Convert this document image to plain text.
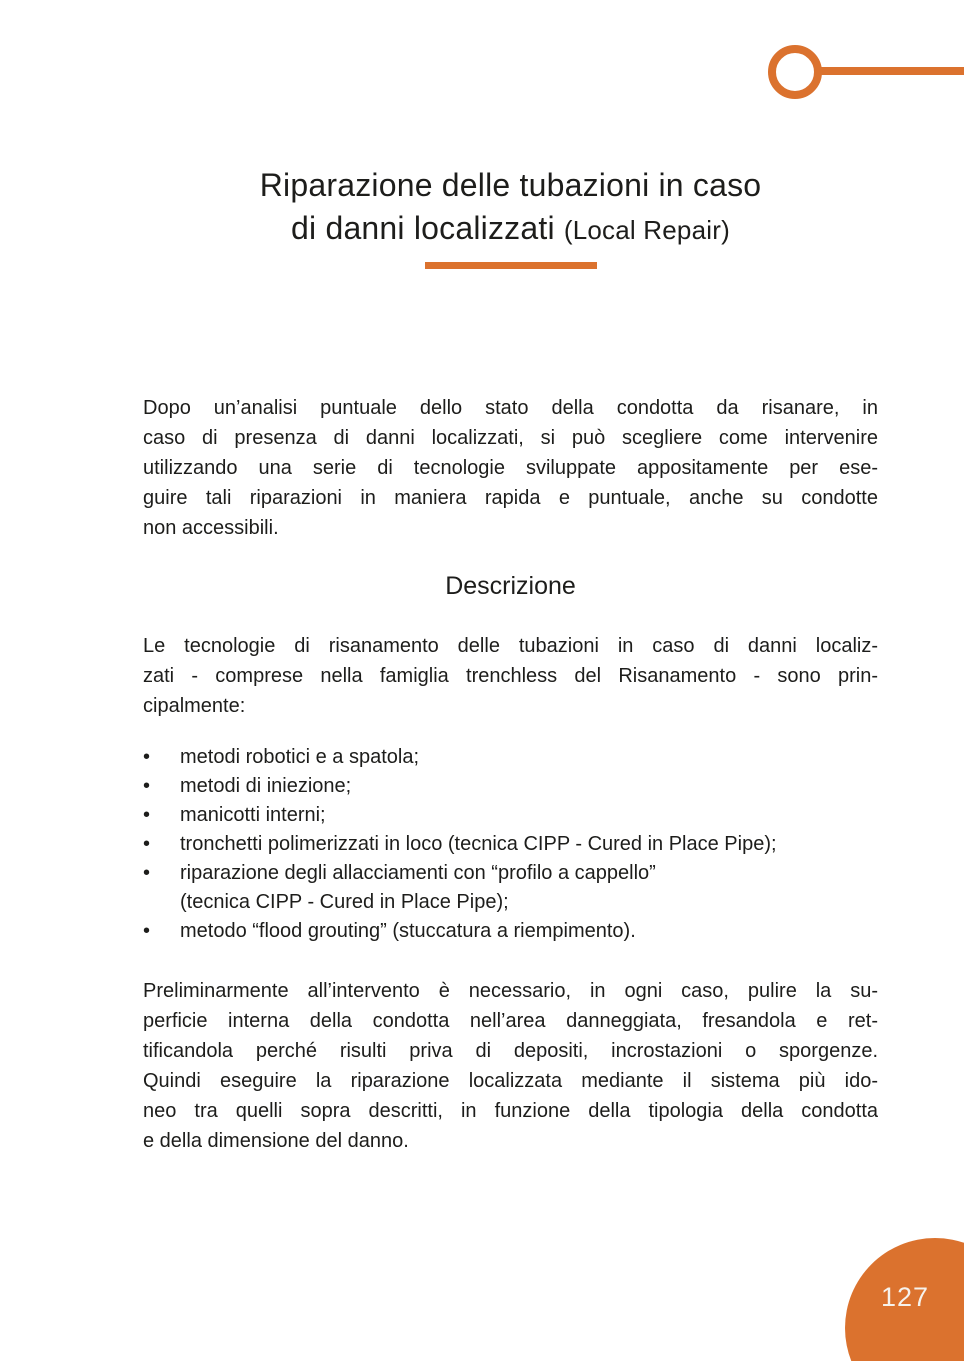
Riparazione delle tubazioni in caso
di danni localizzati (Local Repair)
Dopo un’analisi puntuale dello stato della condotta da risanare, in
caso di presenza di danni localizzati, si può scegliere come intervenire
utilizzando una serie di tecnologie sviluppate appositamente per ese-
guire tali riparazioni in maniera rapida e puntuale, anche su condotte
non accessibili.
Descrizione
Le tecnologie di risanamento delle tubazioni in caso di danni localiz-
zati - comprese nella famiglia trenchless del Risanamento - sono prin-
cipalmente:
•	metodi robotici e a spatola;
•	metodi di iniezione;
•	manicotti interni;
•	tronchetti polimerizzati in loco (tecnica CIPP - Cured in Place Pipe);
•	riparazione degli allacciamenti con “profilo a cappello”
(tecnica CIPP - Cured in Place Pipe);
•	metodo “flood grouting” (stuccatura a riempimento).
Preliminarmente all’intervento è necessario, in ogni caso, pulire la su-
perficie interna della condotta nell’area danneggiata, fresandola e ret-
tificandola perché risulti priva di depositi, incrostazioni o sporgenze.
Quindi eseguire la riparazione localizzata mediante il sistema più ido-
neo tra quelli sopra descritti, in funzione della tipologia della condotta
e della dimensione del danno.
127
